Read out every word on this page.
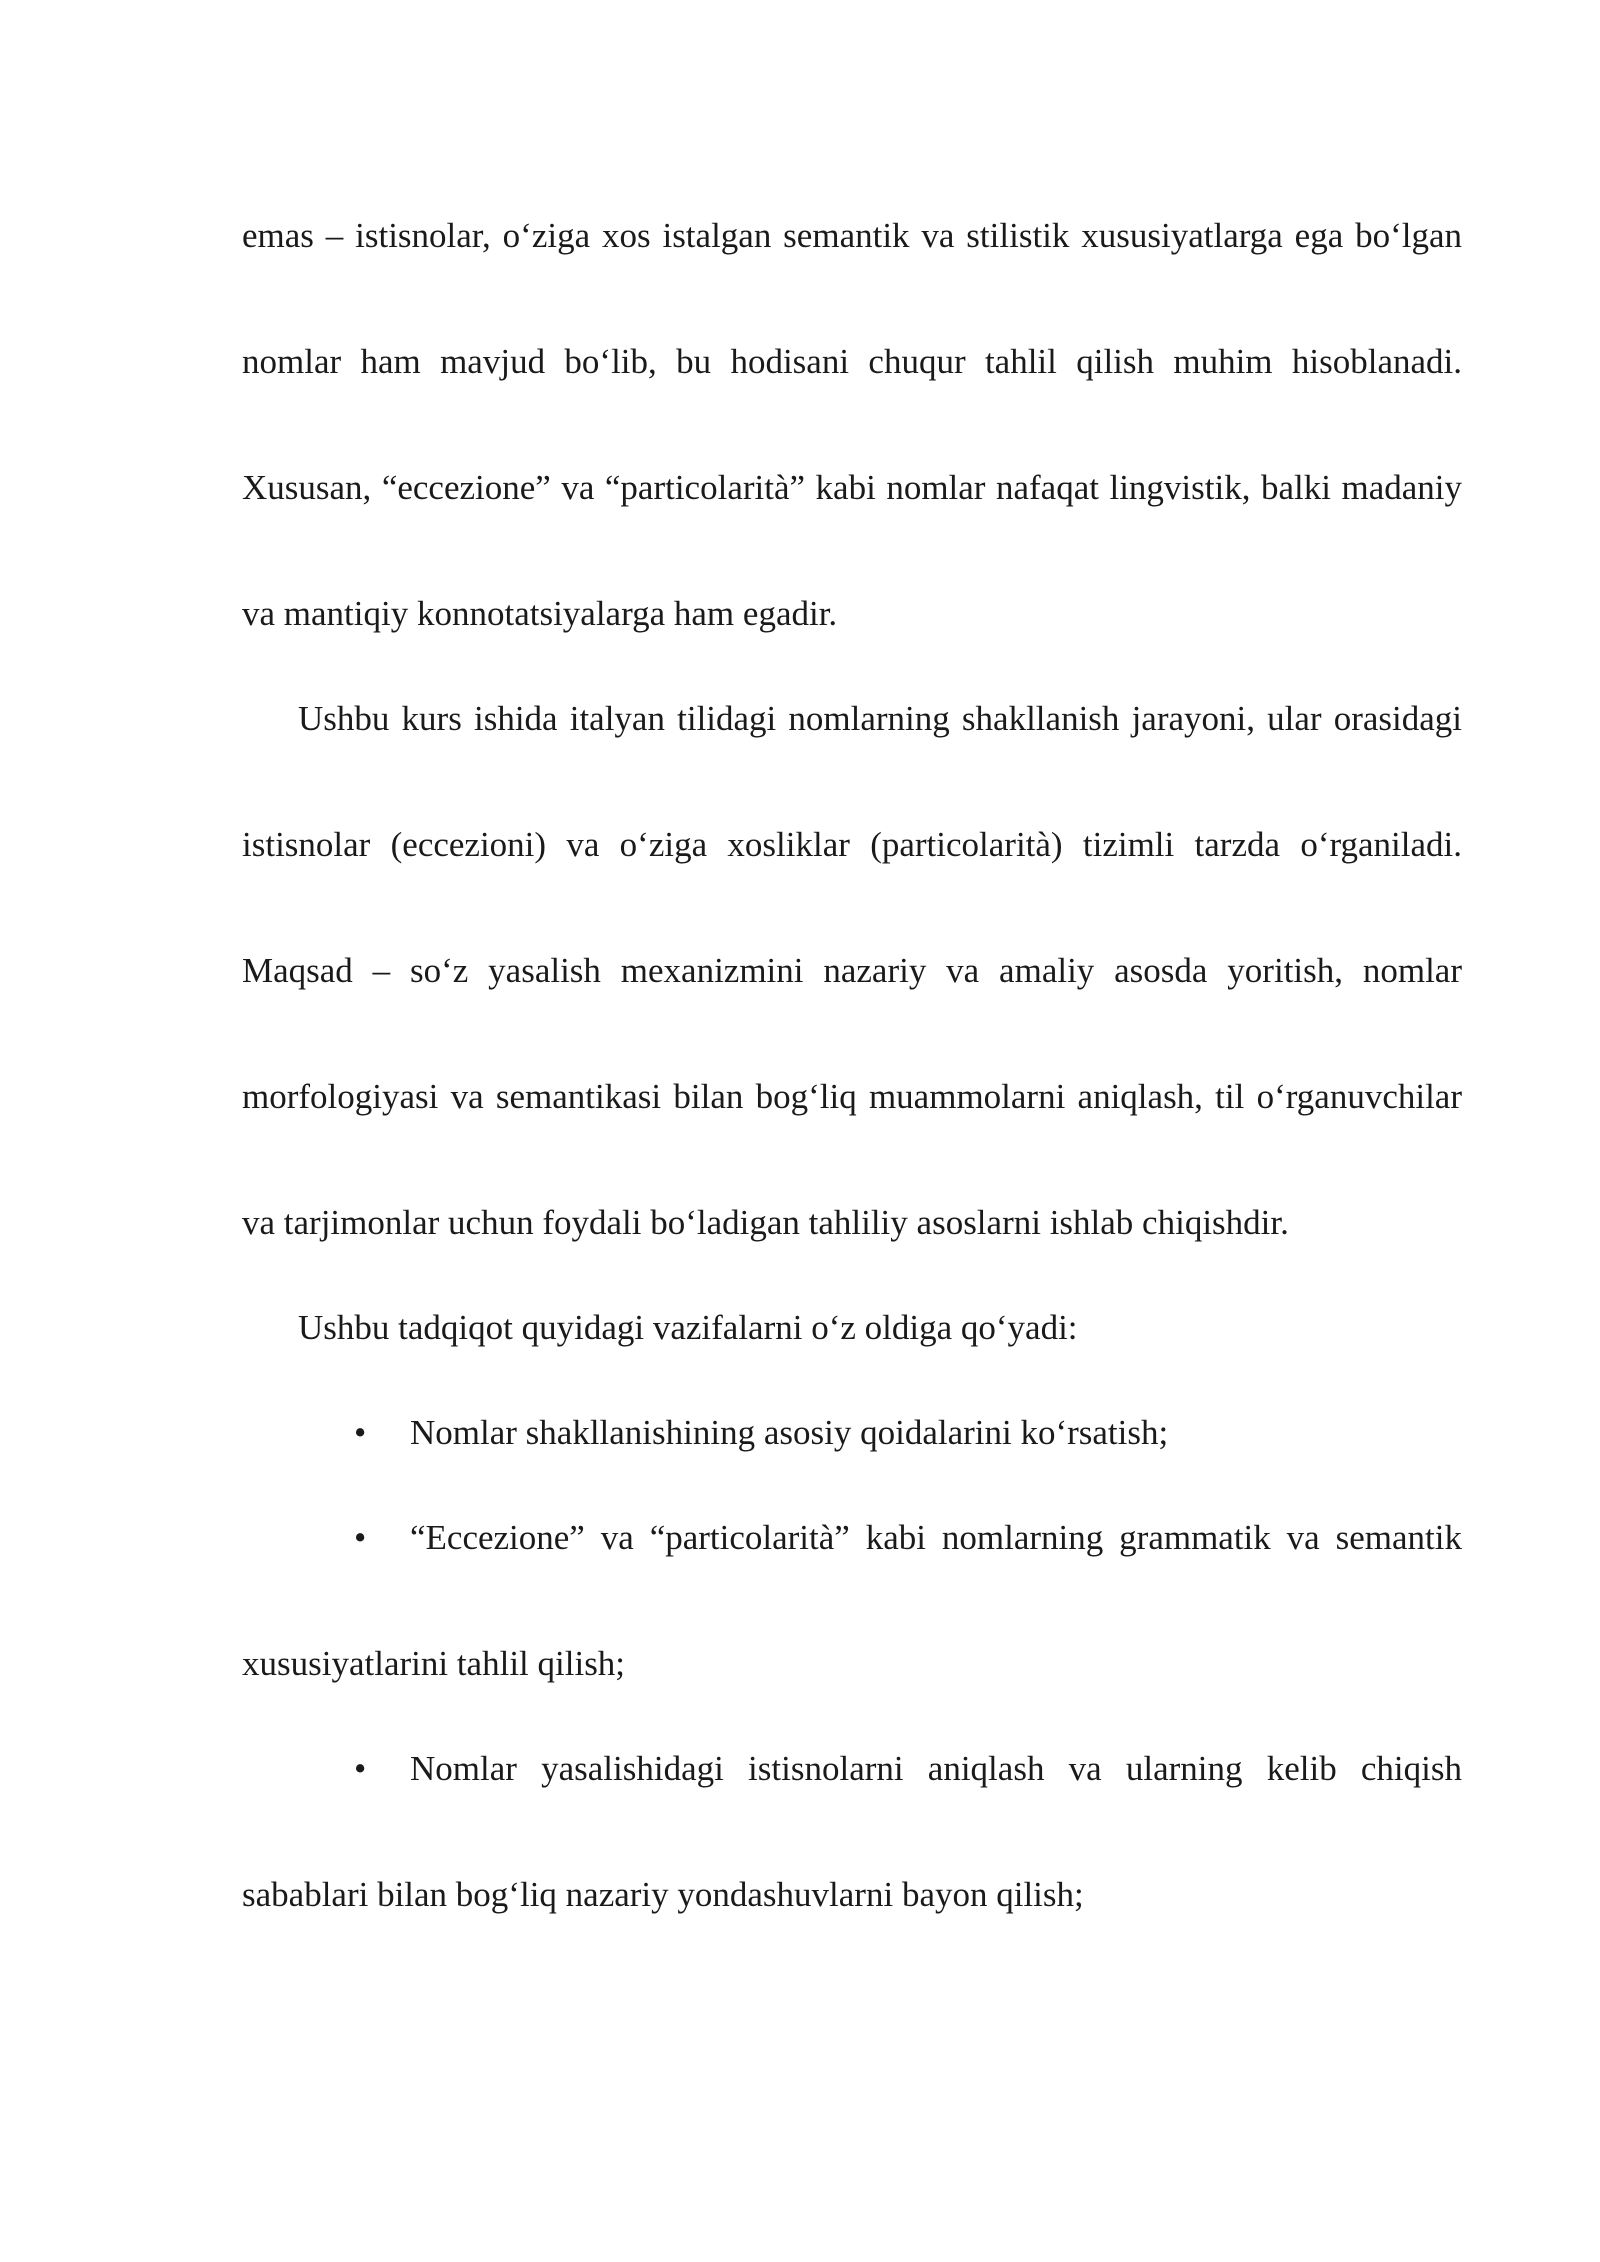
emas – istisnolar, o‘ziga xos istalgan semantik va stilistik xususiyatlarga ega bo‘lgan nomlar ham mavjud bo‘lib, bu hodisani chuqur tahlil qilish muhim hisoblanadi. Xususan, “eccezione” va “particolarità” kabi nomlar nafaqat lingvistik, balki madaniy va mantiqiy konnotatsiyalarga ham egadir.

Ushbu kurs ishida italyan tilidagi nomlarning shakllanish jarayoni, ular orasidagi istisnolar (eccezioni) va o‘ziga xosliklar (particolarità) tizimli tarzda o‘rganiladi. Maqsad – so‘z yasalish mexanizmini nazariy va amaliy asosda yoritish, nomlar morfologiyasi va semantikasi bilan bog‘liq muammolarni aniqlash, til o‘rganuvchilar va tarjimonlar uchun foydali bo‘ladigan tahliliy asoslarni ishlab chiqishdir.

Ushbu tadqiqot quyidagi vazifalarni o‘z oldiga qo‘yadi:

• Nomlar shakllanishining asosiy qoidalarini ko‘rsatish;

• “Eccezione” va “particolarità” kabi nomlarning grammatik va semantik xususiyatlarini tahlil qilish;

• Nomlar yasalishidagi istisnolarni aniqlash va ularning kelib chiqish sabablari bilan bog‘liq nazariy yondashuvlarni bayon qilish;
